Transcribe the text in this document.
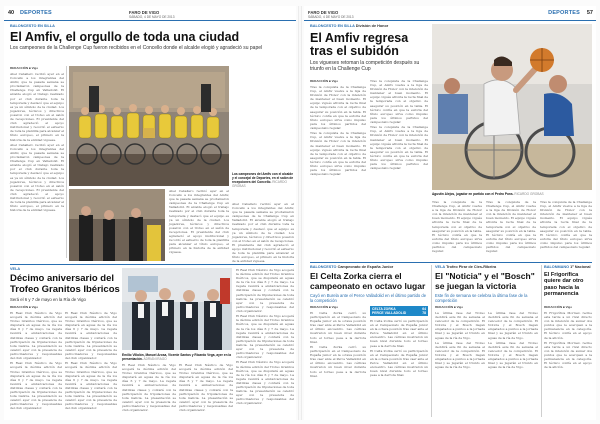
40 DEPORTES	FARO DE VIGO
SÁBADO, 4 DE MAYO DE 2013
BALONCESTO EN SILLA
El Amfiv, el orgullo de toda una ciudad
Los campeones de la Challenge Cup fueron recibidos en el Concello donde el alcalde elogió y agradeció su papel
REDACCIÓN ■ Vigo

Abel Caballero recibió ayer en el Concello a los integrantes del Amfiv, que la pasada semana se proclamaron campeones de la Challenge Cup en Valladolid. El alcalde elogió el trabajo realizado por el club durante toda la temporada y destacó que el equipo es ya un símbolo de la ciudad. Los jugadores, técnicos y directivos posaron con el trofeo en el salón de recepciones. El presidente del club agradeció el apoyo institucional y recordó el esfuerzo de toda la plantilla para alcanzar el título europeo, el primero en la historia de la entidad viguesa.

Abel Caballero recibió ayer en el Concello a los integrantes del Amfiv, que la pasada semana se proclamaron campeones de la Challenge Cup en Valladolid. El alcalde elogió el trabajo realizado por el club durante toda la temporada y destacó que el equipo es ya un símbolo de la ciudad. Los jugadores, técnicos y directivos posaron con el trofeo en el salón de recepciones. El presidente del club agradeció el apoyo institucional y recordó el esfuerzo de toda la plantilla para alcanzar el título europeo, el primero en la historia de la entidad viguesa.

Los campeones del Amfiv con el alcalde y el concejal de Deportes, en el salón de recepciones del Concello. RICARDO GROBAS

Abel Caballero recibió ayer en el Concello a los integrantes del Amfiv, que la pasada semana se proclamaron campeones de la Challenge Cup en Valladolid. El alcalde elogió el trabajo realizado por el club durante toda la temporada y destacó que el equipo es ya un símbolo de la ciudad. Los jugadores, técnicos y directivos posaron con el trofeo en el salón de recepciones. El presidente del club agradeció el apoyo institucional y recordó el esfuerzo de toda la plantilla para alcanzar el título europeo, el primero en la historia de la entidad viguesa.

Abel Caballero recibió ayer en el Concello a los integrantes del Amfiv, que la pasada semana se proclamaron campeones de la Challenge Cup en Valladolid. El alcalde elogió el trabajo realizado por el club durante toda la temporada y destacó que el equipo es ya un símbolo de la ciudad. Los jugadores, técnicos y directivos posaron con el trofeo en el salón de recepciones. El presidente del club agradeció el apoyo institucional y recordó el esfuerzo de toda la plantilla para alcanzar el título europeo, el primero en la historia de la entidad viguesa.

VELA
Décimo aniversario del Trofeo Granitos Ibéricos
Será el 6 y 7 de mayo en la Ría de Vigo
REDACCIÓN ■ Vigo

El Real Club Náutico de Vigo acogerá la décima edición del Trofeo Granitos Ibéricos, que se disputará en aguas de la ría los días 6 y 7 de mayo. La regata reunirá a embarcaciones de distintas clases y contará con la participación de tripulaciones de toda Galicia. La presentación se celebró ayer con la presencia de patrocinadores y responsables del club organizador.

El Real Club Náutico de Vigo acogerá la décima edición del Trofeo Granitos Ibéricos, que se disputará en aguas de la ría los días 6 y 7 de mayo. La regata reunirá a embarcaciones de distintas clases y contará con la participación de tripulaciones de toda Galicia. La presentación se celebró ayer con la presencia de patrocinadores y responsables del club organizador.

El Real Club Náutico de Vigo acogerá la décima edición del Trofeo Granitos Ibéricos, que se disputará en aguas de la ría los días 6 y 7 de mayo. La regata reunirá a embarcaciones de distintas clases y contará con la participación de tripulaciones de toda Galicia. La presentación se celebró ayer con la presencia de patrocinadores y responsables del club organizador.

El Real Club Náutico de Vigo acogerá la décima edición del Trofeo Granitos Ibéricos, que se disputará en aguas de la ría los días 6 y 7 de mayo. La regata reunirá a embarcaciones de distintas clases y contará con la participación de tripulaciones de toda Galicia. La presentación se celebró ayer con la presencia de patrocinadores y responsables del club organizador.

Emilio Villalón, Manuel Arosa, Vicente Santos y Ricardo Vega, ayer en la presentación. ADRIÁN IRAGO

El Real Club Náutico de Vigo acogerá la décima edición del Trofeo Granitos Ibéricos, que se disputará en aguas de la ría los días 6 y 7 de mayo. La regata reunirá a embarcaciones de distintas clases y contará con la participación de tripulaciones de toda Galicia. La presentación se celebró ayer con la presencia de patrocinadores y responsables del club organizador.

El Real Club Náutico de Vigo acogerá la décima edición del Trofeo Granitos Ibéricos, que se disputará en aguas de la ría los días 6 y 7 de mayo. La regata reunirá a embarcaciones de distintas clases y contará con la participación de tripulaciones de toda Galicia. La presentación se celebró ayer con la presencia de patrocinadores y responsables del club organizador.

El Real Club Náutico de Vigo acogerá la décima edición del Trofeo Granitos Ibéricos, que se disputará en aguas de la ría los días 6 y 7 de mayo. La regata reunirá a embarcaciones de distintas clases y contará con la participación de tripulaciones de toda Galicia. La presentación se celebró ayer con la presencia de patrocinadores y responsables del club organizador.

El Real Club Náutico de Vigo acogerá la décima edición del Trofeo Granitos Ibéricos, que se disputará en aguas de la ría los días 6 y 7 de mayo. La regata reunirá a embarcaciones de distintas clases y contará con la participación de tripulaciones de toda Galicia. La presentación se celebró ayer con la presencia de patrocinadores y responsables del club organizador.

El Real Club Náutico de Vigo acogerá la décima edición del Trofeo Granitos Ibéricos, que se disputará en aguas de la ría los días 6 y 7 de mayo. La regata reunirá a embarcaciones de distintas clases y contará con la participación de tripulaciones de toda Galicia. La presentación se celebró ayer con la presencia de patrocinadores y responsables del club organizador.

FARO DE VIGO
SÁBADO, 4 DE MAYO DE 2013
DEPORTES 57
BALONCESTO EN SILLA División de Honor
El Amfiv regresa tras el subidón
Los vigueses retoman la competición después su triunfo en la Challenge Cup
REDACCIÓN ■ Vigo

Tras la conquista de la Challenge Cup, el Amfiv vuelve a la liga de División de Honor con la intención de mantener el buen momento. El equipo vigués afronta la recta final de la temporada con el objetivo de asegurar su posición en la tabla. El técnico confía en que la euforia del título europeo sirva como impulso para los últimos partidos del campeonato regular.

Tras la conquista de la Challenge Cup, el Amfiv vuelve a la liga de División de Honor con la intención de mantener el buen momento. El equipo vigués afronta la recta final de la temporada con el objetivo de asegurar su posición en la tabla. El técnico confía en que la euforia del título europeo sirva como impulso para los últimos partidos del campeonato regular.

Tras la conquista de la Challenge Cup, el Amfiv vuelve a la liga de División de Honor con la intención de mantener el buen momento. El equipo vigués afronta la recta final de la temporada con el objetivo de asegurar su posición en la tabla. El técnico confía en que la euforia del título europeo sirva como impulso para los últimos partidos del campeonato regular.

Tras la conquista de la Challenge Cup, el Amfiv vuelve a la liga de División de Honor con la intención de mantener el buen momento. El equipo vigués afronta la recta final de la temporada con el objetivo de asegurar su posición en la tabla. El técnico confía en que la euforia del título europeo sirva como impulso para los últimos partidos del campeonato regular.

Agustín Alejos, jugador en partido con el Pedro Pons. RICARDO GROBAS

Tras la conquista de la Challenge Cup, el Amfiv vuelve a la liga de División de Honor con la intención de mantener el buen momento. El equipo vigués afronta la recta final de la temporada con el objetivo de asegurar su posición en la tabla. El técnico confía en que la euforia del título europeo sirva como impulso para los últimos partidos del campeonato regular.

Tras la conquista de la Challenge Cup, el Amfiv vuelve a la liga de División de Honor con la intención de mantener el buen momento. El equipo vigués afronta la recta final de la temporada con el objetivo de asegurar su posición en la tabla. El técnico confía en que la euforia del título europeo sirva como impulso para los últimos partidos del campeonato regular.

Tras la conquista de la Challenge Cup, el Amfiv vuelve a la liga de División de Honor con la intención de mantener el buen momento. El equipo vigués afronta la recta final de la temporada con el objetivo de asegurar su posición en la tabla. El técnico confía en que la euforia del título europeo sirva como impulso para los últimos partidos del campeonato regular.

BALONCESTO Campeonato de España Junior
El Celta Zorka cierra el campeonato en octavo lugar
Cayó en Burela ante el Perce Valladolid en el último partido de la competición
REDACCIÓN ■ Vigo

El Celta Zorka cerró su participación en el Campeonato de España junior en la octava posición tras caer ante el Perce Valladolid en el último encuentro. Las célticas mostraron un buen nivel durante todo el torneo pese a la derrota final.

El Celta Zorka cerró su participación en el Campeonato de España junior en la octava posición tras caer ante el Perce Valladolid en el último encuentro. Las célticas mostraron un buen nivel durante todo el torneo pese a la derrota final.

CELTA ZORKA	64
PERCE VALLADOLID	78

El Celta Zorka cerró su participación en el Campeonato de España junior en la octava posición tras caer ante el Perce Valladolid en el último encuentro. Las célticas mostraron un buen nivel durante todo el torneo pese a la derrota final.

El Celta Zorka cerró su participación en el Campeonato de España junior en la octava posición tras caer ante el Perce Valladolid en el último encuentro. Las célticas mostraron un buen nivel durante todo el torneo pese a la derrota final.

VELA Trofeo Pirar de Cies-Ribeira
El "Noticia" y el "Bosch" se juegan la victoria
Este fin de semana se celebra la última fase de la competición
REDACCIÓN ■ Vigo

La última fase del Trofeo decidirá este fin de semana el vencedor de la competición. El Noticia y el Bosch llegan empatados a puntos a la jornada final y se jugarán el triunfo en aguas de la ría de Vigo.

La última fase del Trofeo decidirá este fin de semana el vencedor de la competición. El Noticia y el Bosch llegan empatados a puntos a la jornada final y se jugarán el triunfo en aguas de la ría de Vigo.

La última fase del Trofeo decidirá este fin de semana el vencedor de la competición. El Noticia y el Bosch llegan empatados a puntos a la jornada final y se jugarán el triunfo en aguas de la ría de Vigo.

La última fase del Trofeo decidirá este fin de semana el vencedor de la competición. El Noticia y el Bosch llegan empatados a puntos a la jornada final y se jugarán el triunfo en aguas de la ría de Vigo.

BALONMANO 1ª Nacional
El Frigorífica quiere dar otro paso hacia la permanencia
REDACCIÓN ■ Vigo

El Frigorífica Morrazo recibe esta tarde a un rival directo con la intención de sumar dos puntos que le acerquen a la permanencia en la categoría. El técnico confía en el apoyo de la afición.

El Frigorífica Morrazo recibe esta tarde a un rival directo con la intención de sumar dos puntos que le acerquen a la permanencia en la categoría. El técnico confía en el apoyo de la afición.
